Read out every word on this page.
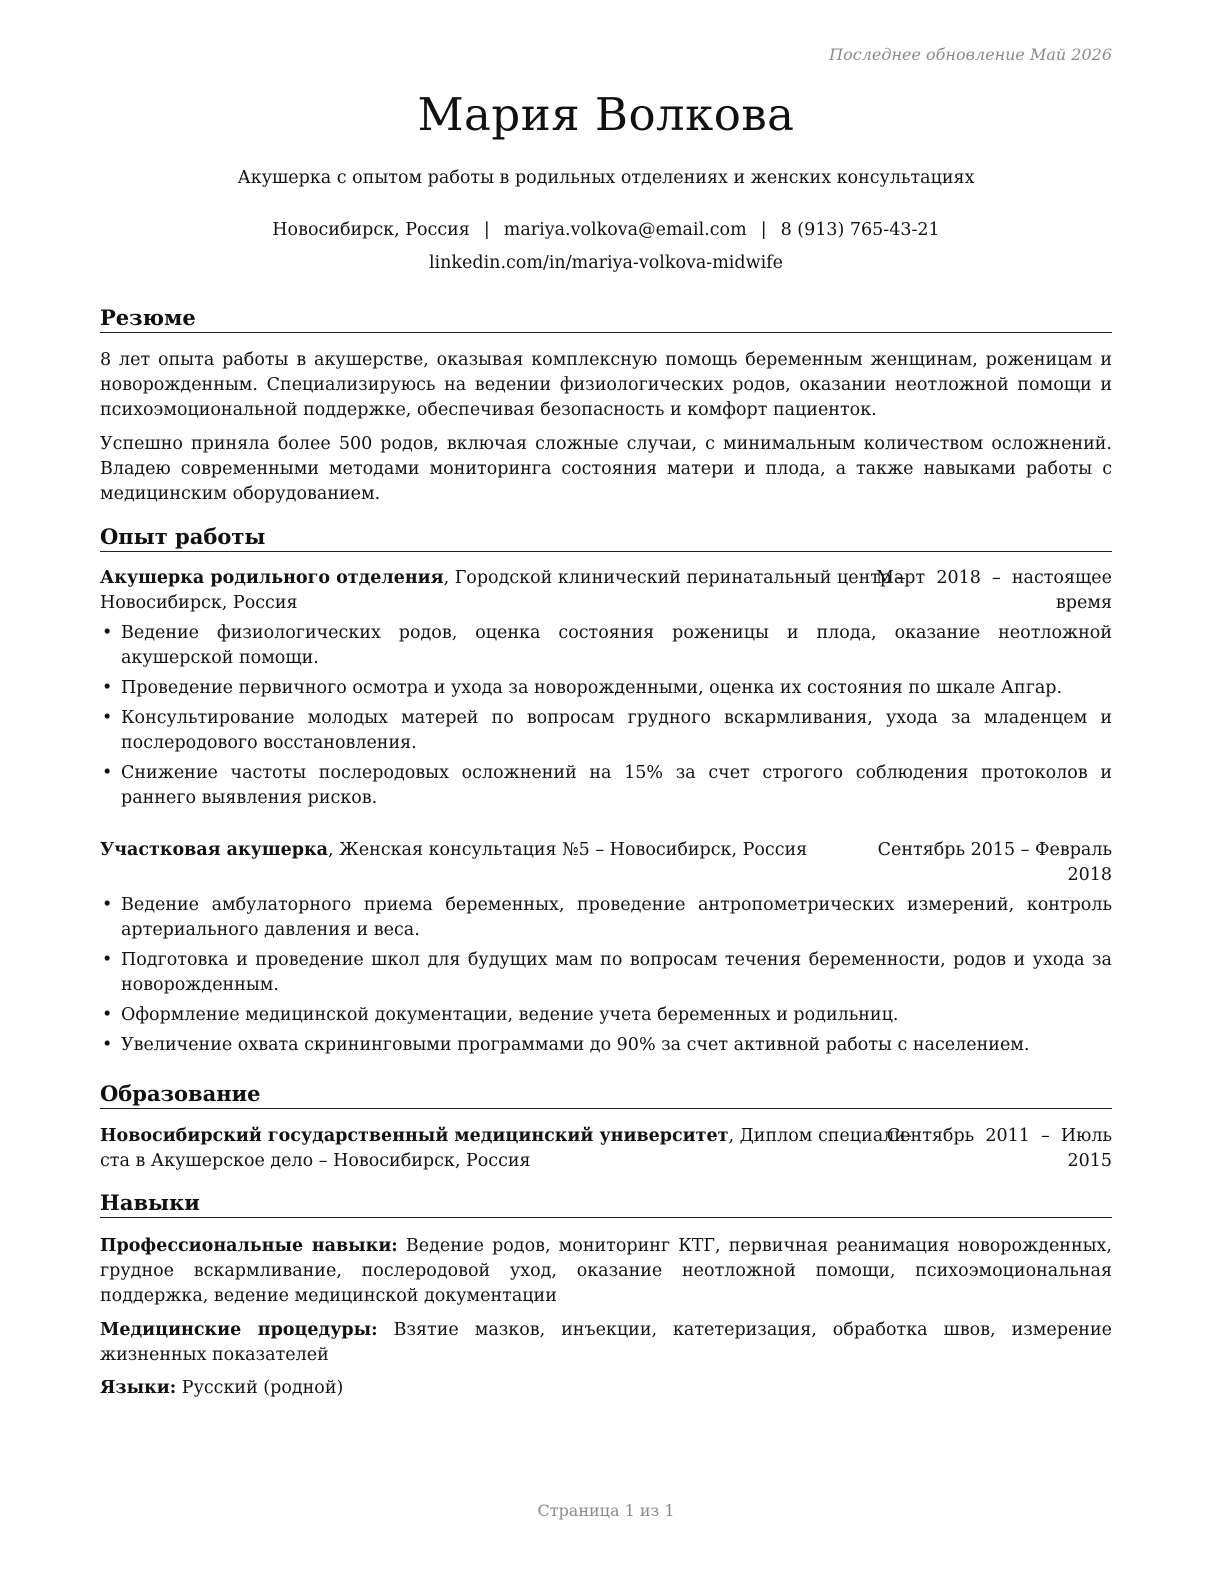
Последнее обновление Май 2026
Мария Волкова
Акушерка с опытом работы в родильных отделениях и женских консультациях
Новосибирск, Россия | mariya.volkova@email.com | 8 (913) 765-43-21
linkedin.com/in/mariya-volkova-midwife
Резюме

8 лет опыта работы в акушерстве, оказывая комплексную помощь беременным женщинам, роженицам и новорожденным. Специализируюсь на ведении физиологических родов, оказании неотложной помощи и психоэмоциональной поддержке, обеспечивая безопасность и комфорт пациенток.

Успешно приняла более 500 родов, включая сложные случаи, с минимальным количеством осложнений. Владею современными методами мониторинга состояния матери и плода, а также навыками работы с медицинским оборудованием.

Опыт работы
Акушерка родильного отделения, Городской клинический перинатальный центр –
Новосибирск, Россия
Март  2018  –  настоящее
время
• Ведение физиологических родов, оценка состояния роженицы и плода, оказание неотложной акушерской помощи.
• Проведение первичного осмотра и ухода за новорожденными, оценка их состояния по шкале Апгар.
• Консультирование молодых матерей по вопросам грудного вскармливания, ухода за младенцем и послеродового восстановления.
• Снижение частоты послеродовых осложнений на 15% за счет строгого соблюдения протоколов и раннего выявления рисков.
Участковая акушерка, Женская консультация №5 – Новосибирск, Россия	Сентябрь 2015 – Февраль
2018
• Ведение амбулаторного приема беременных, проведение антропометрических измерений, контроль артериального давления и веса.
• Подготовка и проведение школ для будущих мам по вопросам течения беременности, родов и ухода за новорожденным.
• Оформление медицинской документации, ведение учета беременных и родильниц.
• Увеличение охвата скрининговыми программами до 90% за счет активной работы с населением.
Образование
Новосибирский государственный медицинский университет, Диплом специали-
ста в Акушерское дело – Новосибирск, Россия
Сентябрь  2011  –  Июль
2015
Навыки
Профессиональные навыки: Ведение родов, мониторинг КТГ, первичная реанимация новорожденных, грудное вскармливание, послеродовой уход, оказание неотложной помощи, психоэмоциональная поддержка, ведение медицинской документации
Медицинские процедуры: Взятие мазков, инъекции, катетеризация, обработка швов, измерение жизненных показателей
Языки: Русский (родной)
Страница 1 из 1
